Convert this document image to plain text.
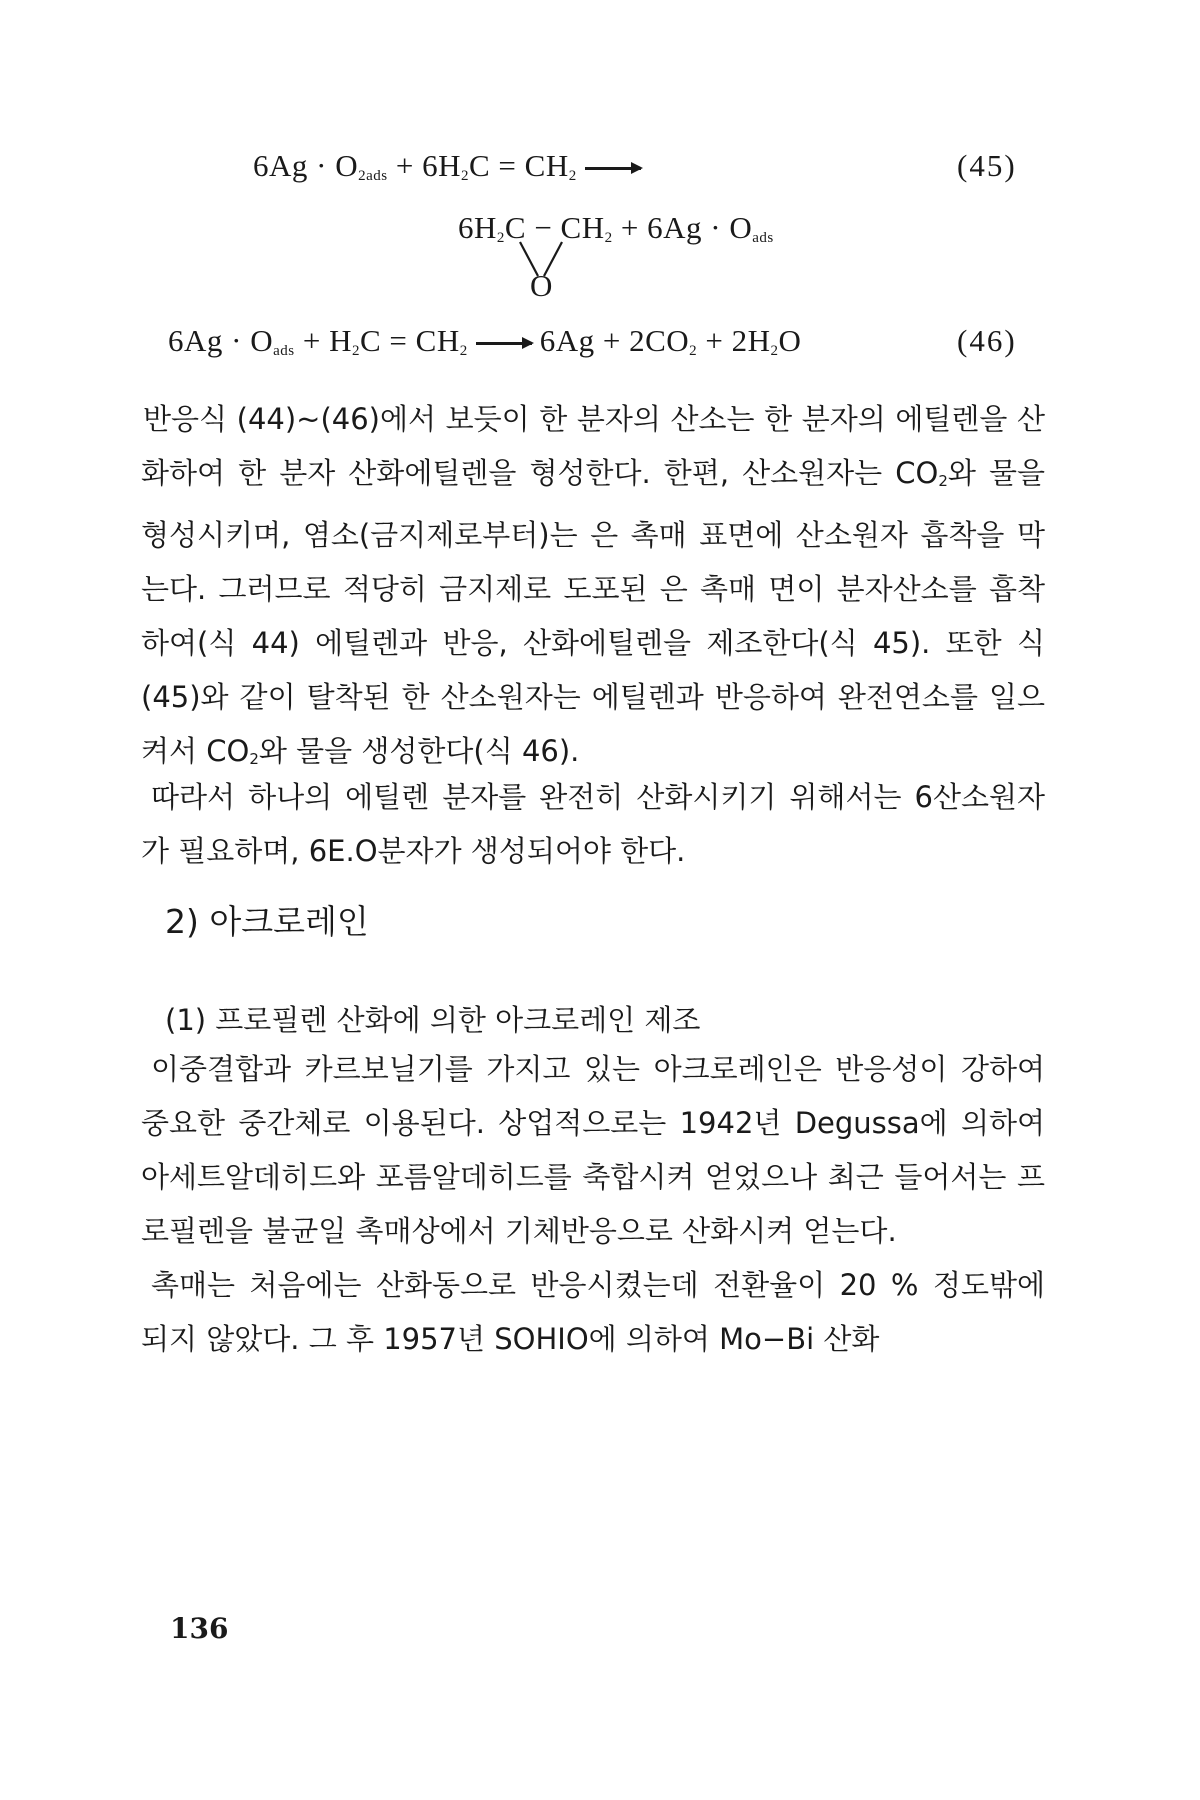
$6Ag \cdot O_{2ads} + 6H_2C = CH_2$ →	(45)
$6H_2C - CH_2 + 6Ag \cdot O_{ads}$
O
$6Ag \cdot O_{ads} + H_2C = CH_2 \to 6Ag + 2CO_2 + 2H_2O$	(46)

반응식 (44)~(46)에서 보듯이 한 분자의 산소는 한 분자의 에틸렌을 산화하여 한 분자 산화에틸렌을 형성한다. 한편, 산소원자는 $CO_2$와 물을 형성시키며, 염소(금지제로부터)는 은 촉매 표면에 산소원자 흡착을 막는다. 그러므로 적당히 금지제로 도포된 은 촉매 면이 분자산소를 흡착하여(식 44) 에틸렌과 반응, 산화에틸렌을 제조한다(식 45). 또한 식 (45)와 같이 탈착된 한 산소원자는 에틸렌과 반응하여 완전연소를 일으켜서 $CO_2$와 물을 생성한다(식 46).

따라서 하나의 에틸렌 분자를 완전히 산화시키기 위해서는 6산소원자가 필요하며, 6E.O분자가 생성되어야 한다.

2) 아크로레인
(1) 프로필렌 산화에 의한 아크로레인 제조

이중결합과 카르보닐기를 가지고 있는 아크로레인은 반응성이 강하여 중요한 중간체로 이용된다. 상업적으로는 1942년 Degussa에 의하여 아세트알데히드와 포름알데히드를 축합시켜 얻었으나 최근 들어서는 프로필렌을 불균일 촉매상에서 기체반응으로 산화시켜 얻는다.

촉매는 처음에는 산화동으로 반응시켰는데 전환율이 20 % 정도밖에 되지 않았다. 그 후 1957년 SOHIO에 의하여 Mo−Bi 산화

136
